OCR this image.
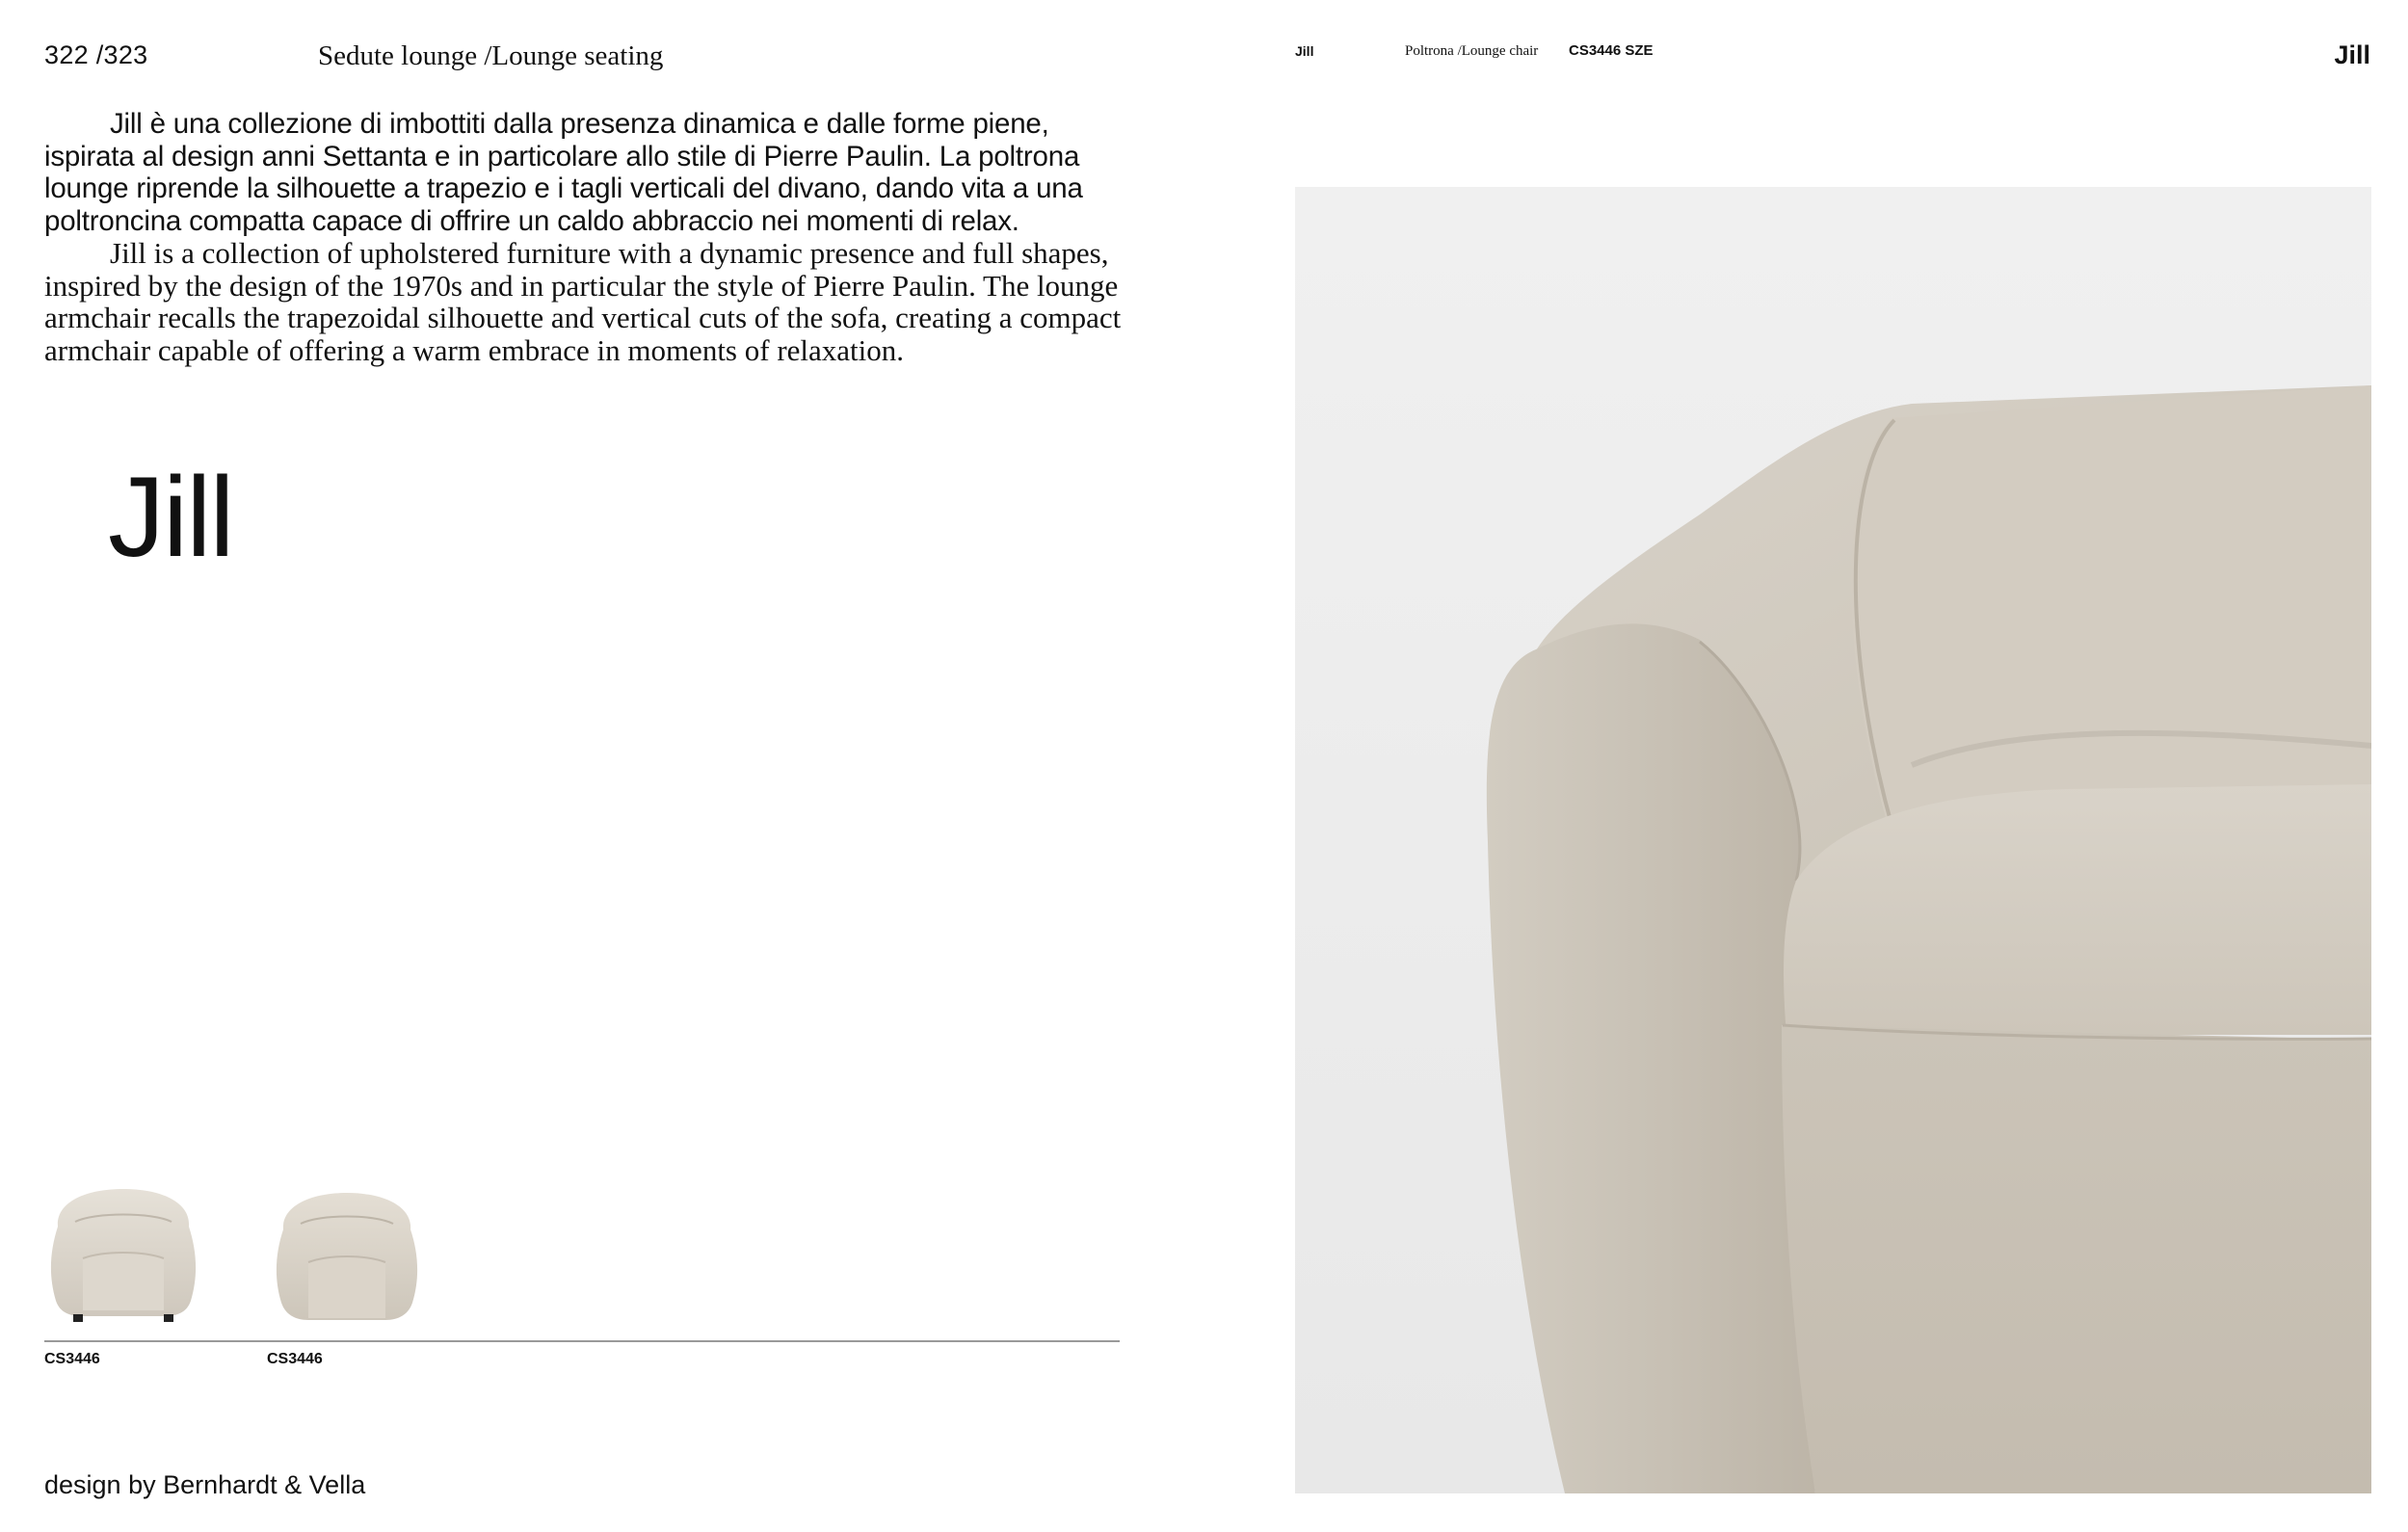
322 /323	Sedute lounge /Lounge seating	Jill	Poltrona /Lounge chair CS3446 SZE	Jill
Jill è una collezione di imbottiti dalla presenza dinamica e dalle forme piene, ispirata al design anni Settanta e in particolare allo stile di Pierre Paulin. La poltrona lounge riprende la silhouette a trapezio e i tagli verticali del divano, dando vita a una poltroncina compatta capace di offrire un caldo abbraccio nei momenti di relax.
Jill is a collection of upholstered furniture with a dynamic presence and full shapes, inspired by the design of the 1970s and in particular the style of Pierre Paulin. The lounge armchair recalls the trapezoidal silhouette and vertical cuts of the sofa, creating a compact armchair capable of offering a warm embrace in moments of relaxation.
Jill
CS3446	CS3446
design by Bernhardt & Vella
